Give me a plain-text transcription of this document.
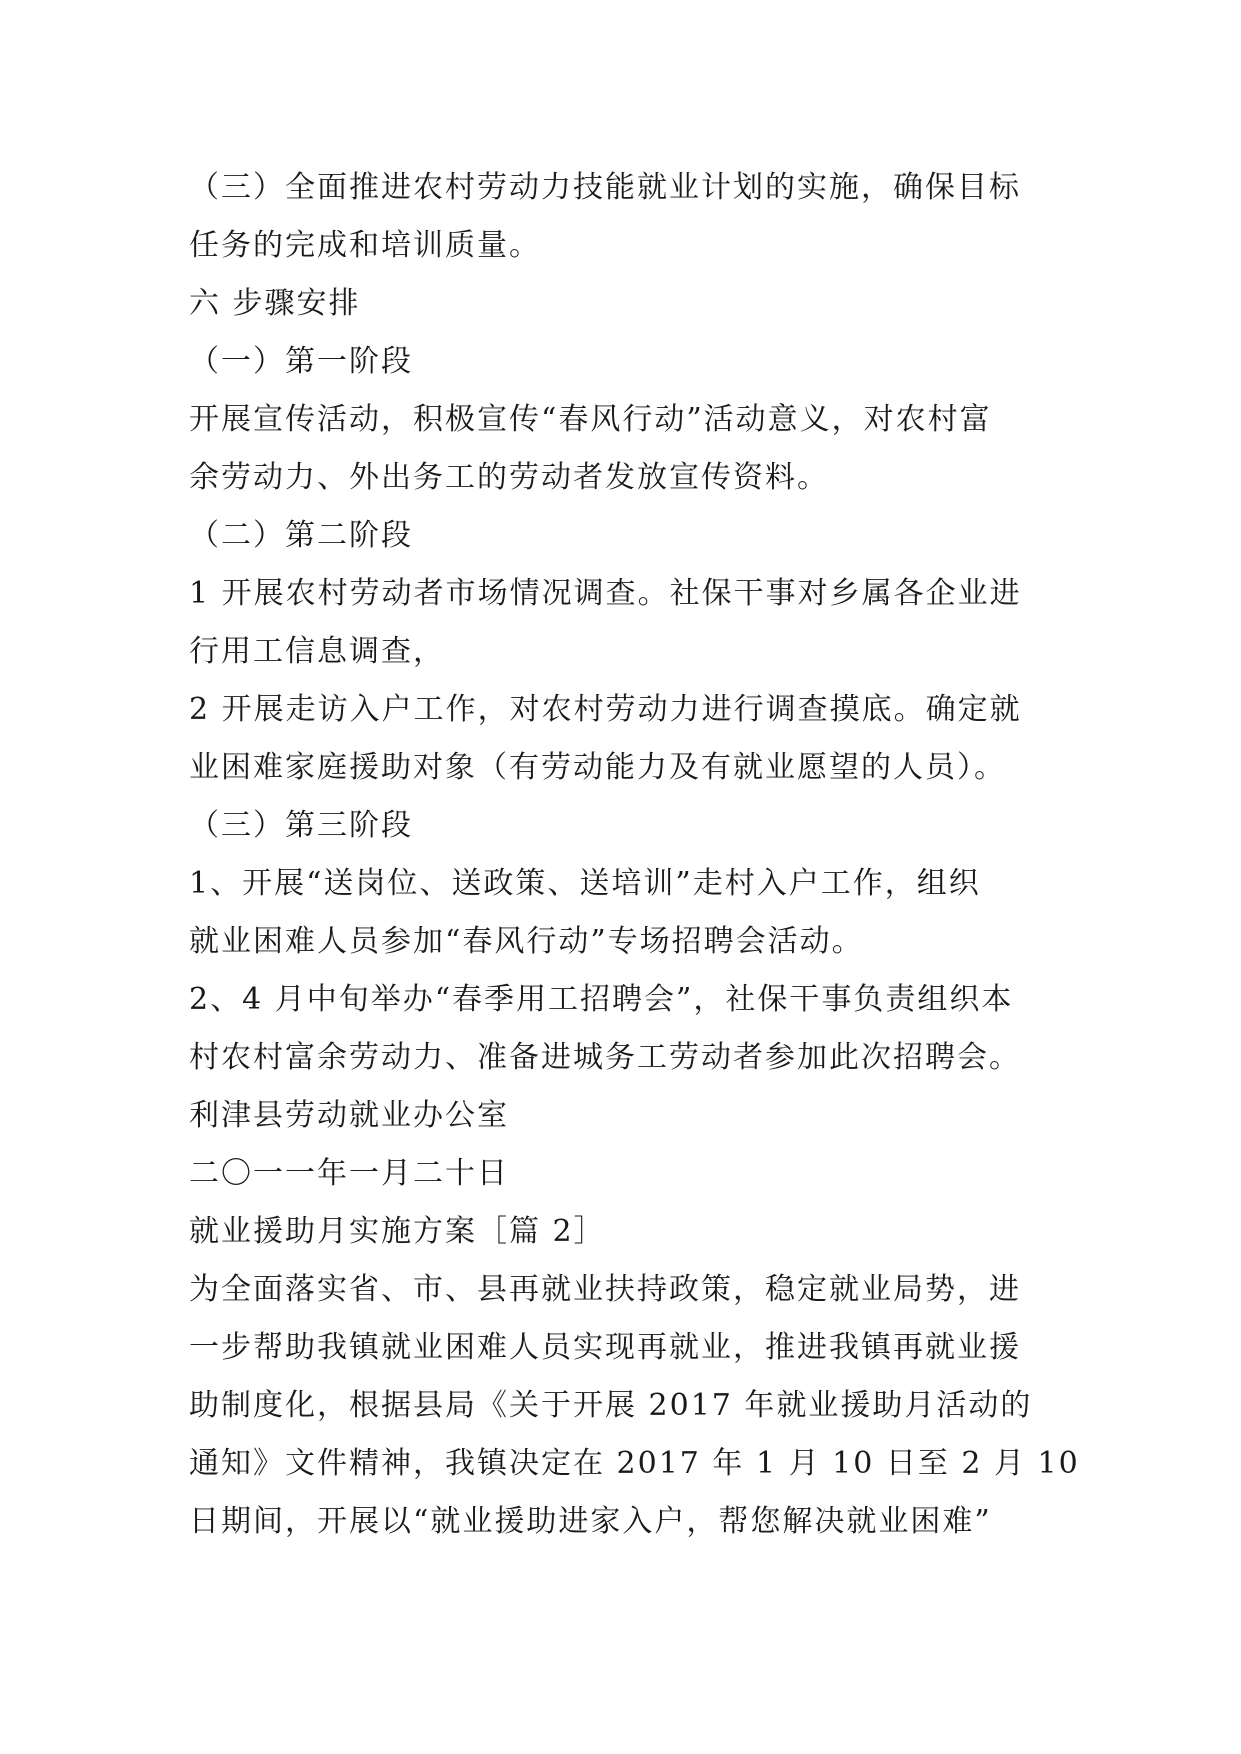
（三）全面推进农村劳动力技能就业计划的实施，确保目标
任务的完成和培训质量。
六 步骤安排
（一）第一阶段
开展宣传活动，积极宣传“春风行动”活动意义，对农村富
余劳动力、外出务工的劳动者发放宣传资料。
（二）第二阶段
1 开展农村劳动者市场情况调查。社保干事对乡属各企业进
行用工信息调查，
2 开展走访入户工作，对农村劳动力进行调查摸底。确定就
业困难家庭援助对象（有劳动能力及有就业愿望的人员）。
（三）第三阶段
1、开展“送岗位、送政策、送培训”走村入户工作，组织
就业困难人员参加“春风行动”专场招聘会活动。
2、4 月中旬举办“春季用工招聘会”，社保干事负责组织本
村农村富余劳动力、准备进城务工劳动者参加此次招聘会。
利津县劳动就业办公室
二〇一一年一月二十日
就业援助月实施方案［篇 2］
为全面落实省、市、县再就业扶持政策，稳定就业局势，进
一步帮助我镇就业困难人员实现再就业，推进我镇再就业援
助制度化，根据县局《关于开展 2017 年就业援助月活动的
通知》文件精神，我镇决定在 2017 年 1 月 10 日至 2 月 10
日期间，开展以“就业援助进家入户，帮您解决就业困难”
